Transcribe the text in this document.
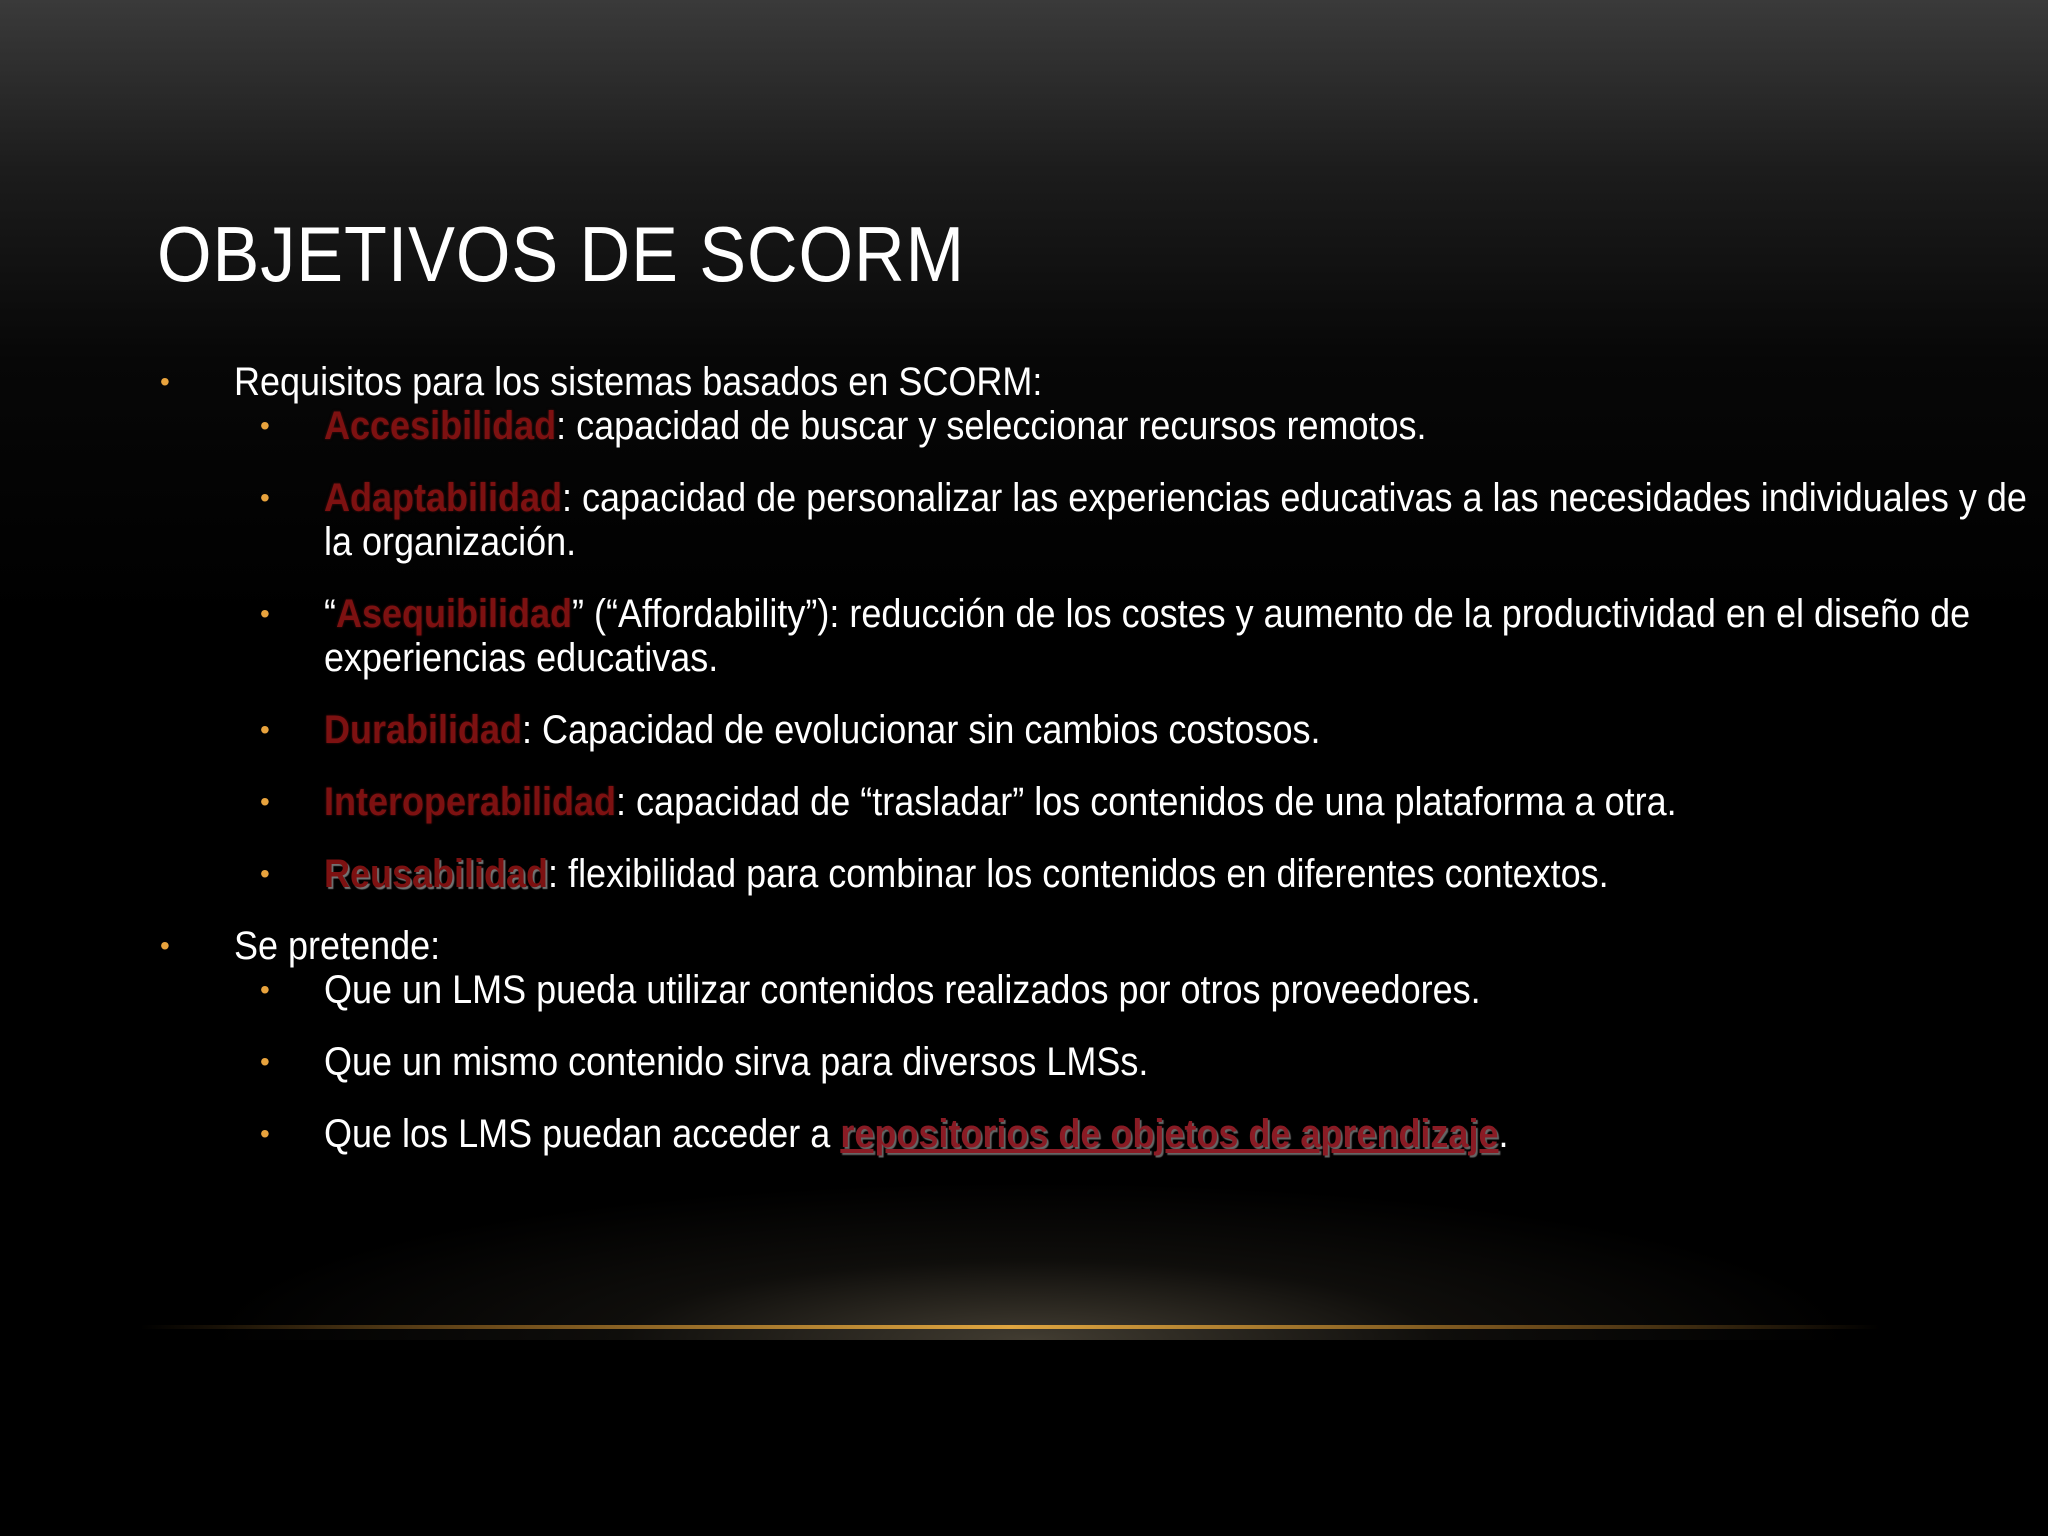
OBJETIVOS DE SCORM
• Requisitos para los sistemas basados en SCORM:
• Accesibilidad: capacidad de buscar y seleccionar recursos remotos.
• Adaptabilidad: capacidad de personalizar las experiencias educativas a las necesidades individuales y de la organización.
• “Asequibilidad” (“Affordability”): reducción de los costes y aumento de la productividad en el diseño de experiencias educativas.
• Durabilidad: Capacidad de evolucionar sin cambios costosos.
• Interoperabilidad: capacidad de “trasladar” los contenidos de una plataforma a otra.
• Reusabilidad: flexibilidad para combinar los contenidos en diferentes contextos.
• Se pretende:
• Que un LMS pueda utilizar contenidos realizados por otros proveedores.
• Que un mismo contenido sirva para diversos LMSs.
• Que los LMS puedan acceder a repositorios de objetos de aprendizaje.
